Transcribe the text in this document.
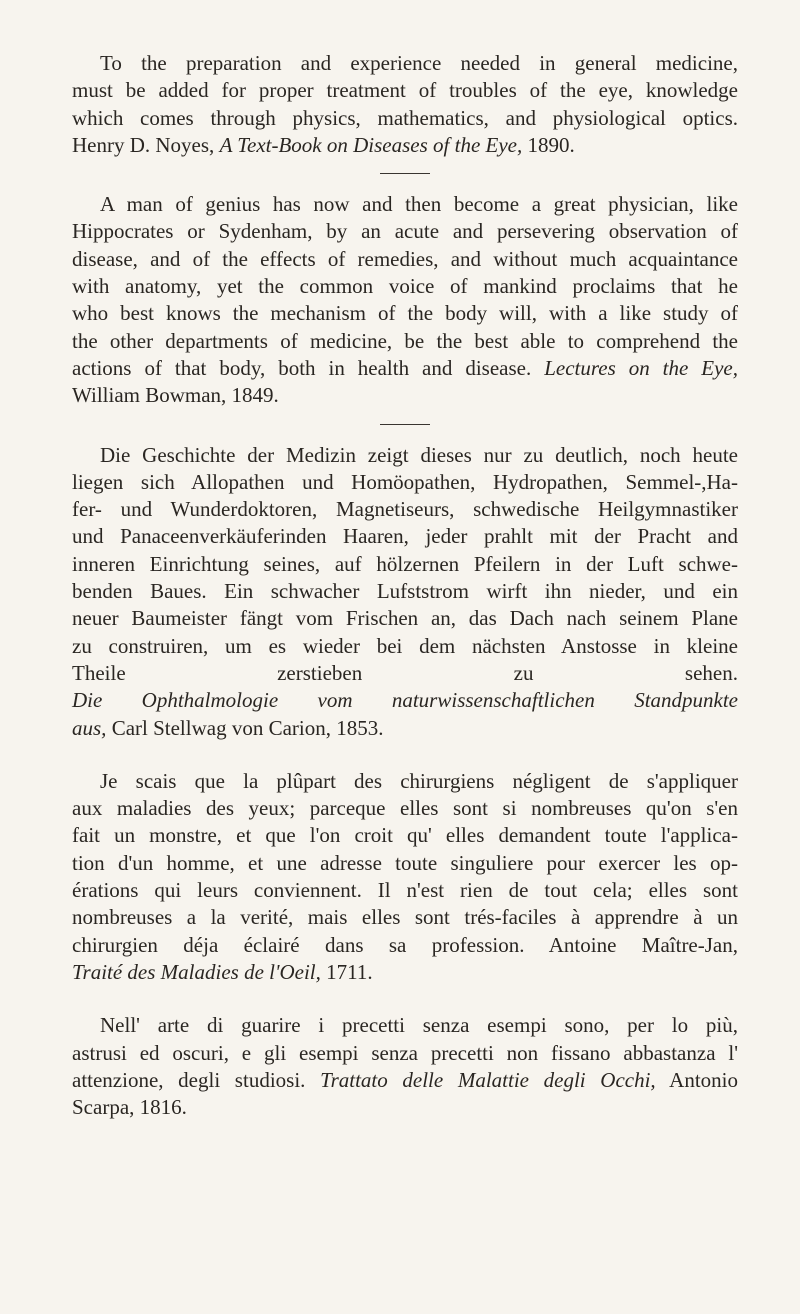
To the preparation and experience needed in general medicine,
must be added for proper treatment of troubles of the eye, knowledge
which comes through physics, mathematics, and physiological optics.
Henry D. Noyes, A Text-Book on Diseases of the Eye, 1890.
A man of genius has now and then become a great physician, like
Hippocrates or Sydenham, by an acute and persevering observation of
disease, and of the effects of remedies, and without much acquaintance
with anatomy, yet the common voice of mankind proclaims that he
who best knows the mechanism of the body will, with a like study of
the other departments of medicine, be the best able to comprehend the
actions of that body, both in health and disease. Lectures on the Eye,
William Bowman, 1849.
Die Geschichte der Medizin zeigt dieses nur zu deutlich, noch heute
liegen sich Allopathen und Homöopathen, Hydropathen, Semmel-,Ha-
fer- und Wunderdoktoren, Magnetiseurs, schwedische Heilgymnastiker
und Panaceenverkäuferinden Haaren, jeder prahlt mit der Pracht and
inneren Einrichtung seines, auf hölzernen Pfeilern in der Luft schwe-
benden Baues. Ein schwacher Lufststrom wirft ihn nieder, und ein
neuer Baumeister fängt vom Frischen an, das Dach nach seinem Plane
zu construiren, um es wieder bei dem nächsten Anstosse in kleine
Theile zerstieben zu sehen.
Die Ophthalmologie vom naturwissenschaftlichen Standpunkte
aus, Carl Stellwag von Carion, 1853.
Je scais que la plûpart des chirurgiens négligent de s'appliquer
aux maladies des yeux; parceque elles sont si nombreuses qu'on s'en
fait un monstre, et que l'on croit qu' elles demandent toute l'applica-
tion d'un homme, et une adresse toute singuliere pour exercer les op-
érations qui leurs conviennent. Il n'est rien de tout cela; elles sont
nombreuses a la verité, mais elles sont trés-faciles à apprendre à un
chirurgien déja éclairé dans sa profession. Antoine Maître-Jan,
Traité des Maladies de l'Oeil, 1711.
Nell' arte di guarire i precetti senza esempi sono, per lo più,
astrusi ed oscuri, e gli esempi senza precetti non fissano abbastanza l'
attenzione, degli studiosi. Trattato delle Malattie degli Occhi, Antonio
Scarpa, 1816.
